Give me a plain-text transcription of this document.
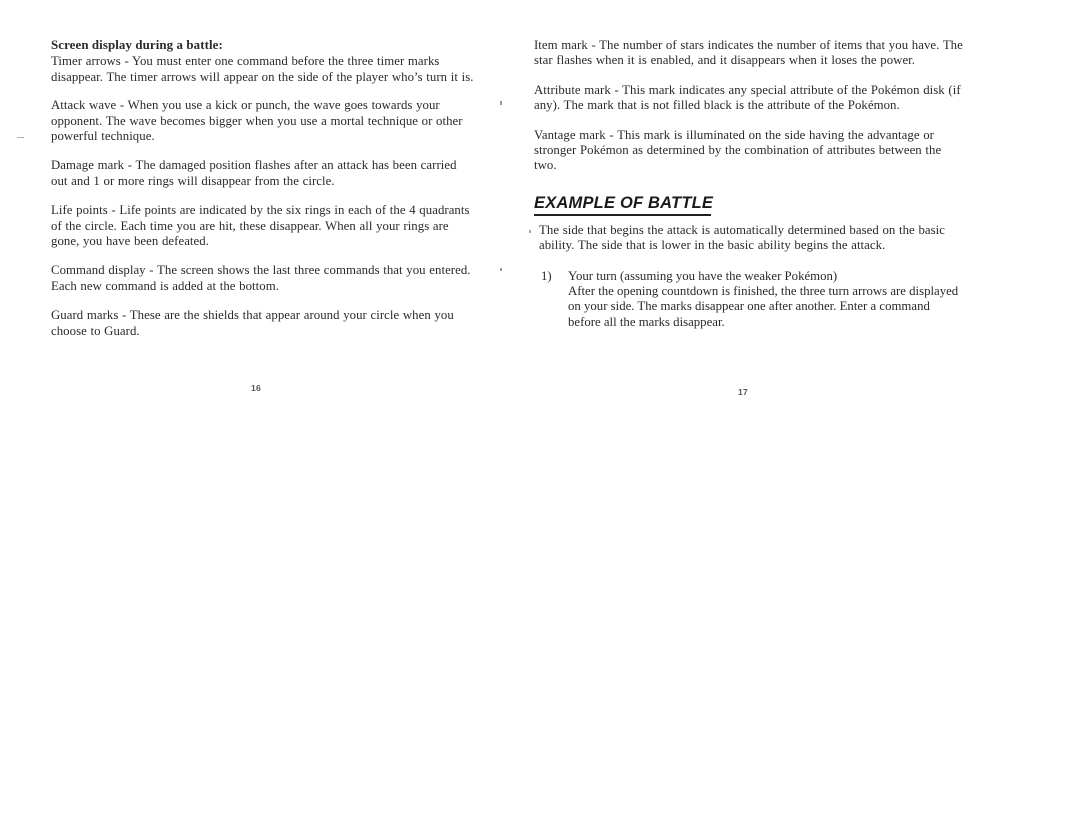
Screen display during a battle:

Timer arrows - You must enter one command before the three timer marks disappear. The timer arrows will appear on the side of the player who’s turn it is.

Attack wave - When you use a kick or punch, the wave goes towards your opponent. The wave becomes bigger when you use a mortal technique or other powerful technique.

Damage mark - The damaged position flashes after an attack has been carried out and 1 or more rings will disappear from the circle.

Life points - Life points are indicated by the six rings in each of the 4 quadrants of the circle. Each time you are hit, these disappear. When all your rings are gone, you have been defeated.

Command display - The screen shows the last three commands that you entered. Each new command is added at the bottom.

Guard marks - These are the shields that appear around your circle when you choose to Guard.

Item mark - The number of stars indicates the number of items that you have. The star flashes when it is enabled, and it disappears when it loses the power.

Attribute mark - This mark indicates any special attribute of the Pokémon disk (if any). The mark that is not filled black is the attribute of the Pokémon.

Vantage mark - This mark is illuminated on the side having the advantage or stronger Pokémon as determined by the combination of attributes between the two.

EXAMPLE OF BATTLE

The side that begins the attack is automatically determined based on the basic ability. The side that is lower in the basic ability begins the attack.

1) Your turn (assuming you have the weaker Pokémon)
After the opening countdown is finished, the three turn arrows are displayed on your side. The marks disappear one after another. Enter a command before all the marks disappear.
16	17
